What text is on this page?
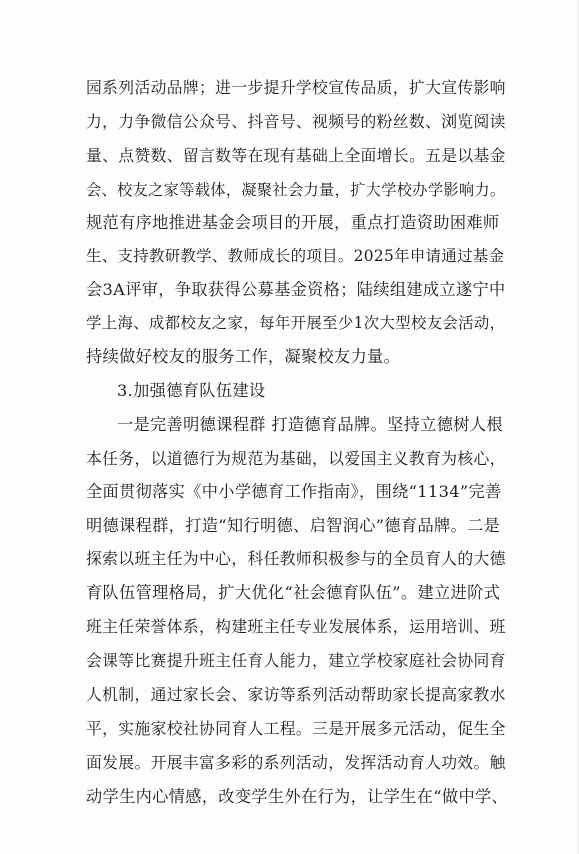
园系列活动品牌；进一步提升学校宣传品质，扩大宣传影响
力，力争微信公众号、抖音号、视频号的粉丝数、浏览阅读
量、点赞数、留言数等在现有基础上全面增长。五是以基金
会、校友之家等载体，凝聚社会力量，扩大学校办学影响力。
规范有序地推进基金会项目的开展，重点打造资助困难师
生、支持教研教学、教师成长的项目。2025年申请通过基金
会3A评审，争取获得公募基金资格；陆续组建成立遂宁中
学上海、成都校友之家，每年开展至少1次大型校友会活动，
持续做好校友的服务工作，凝聚校友力量。
3.加强德育队伍建设
一是完善明德课程群 打造德育品牌。坚持立德树人根
本任务，以道德行为规范为基础，以爱国主义教育为核心，
全面贯彻落实《中小学德育工作指南》，围绕“1134”完善
明德课程群，打造“知行明德、启智润心”德育品牌。二是
探索以班主任为中心，科任教师积极参与的全员育人的大德
育队伍管理格局，扩大优化“社会德育队伍”。建立进阶式
班主任荣誉体系，构建班主任专业发展体系，运用培训、班
会课等比赛提升班主任育人能力，建立学校家庭社会协同育
人机制，通过家长会、家访等系列活动帮助家长提高家教水
平，实施家校社协同育人工程。三是开展多元活动，促生全
面发展。开展丰富多彩的系列活动，发挥活动育人功效。触
动学生内心情感，改变学生外在行为，让学生在“做中学、
